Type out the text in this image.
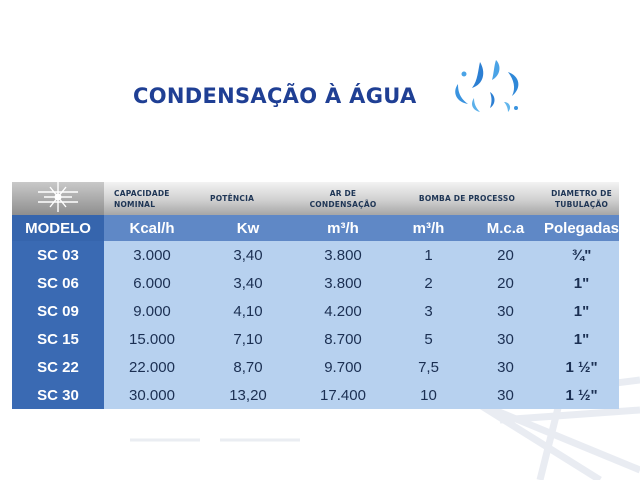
CONDENSAÇÃO À ÁGUA
	CAPACIDADE NOMINAL	POTÊNCIA	AR DE CONDENSAÇÃO	BOMBA DE PROCESSO		DIAMETRO DE TUBULAÇÃO
MODELO	Kcal/h	Kw	m³/h	m³/h	M.c.a	Polegadas
SC 03	3.000	3,40	3.800	1	20	¾"
SC 06	6.000	3,40	3.800	2	20	1"
SC 09	9.000	4,10	4.200	3	30	1"
SC 15	15.000	7,10	8.700	5	30	1"
SC 22	22.000	8,70	9.700	7,5	30	1 ½"
SC 30	30.000	13,20	17.400	10	30	1 ½"
